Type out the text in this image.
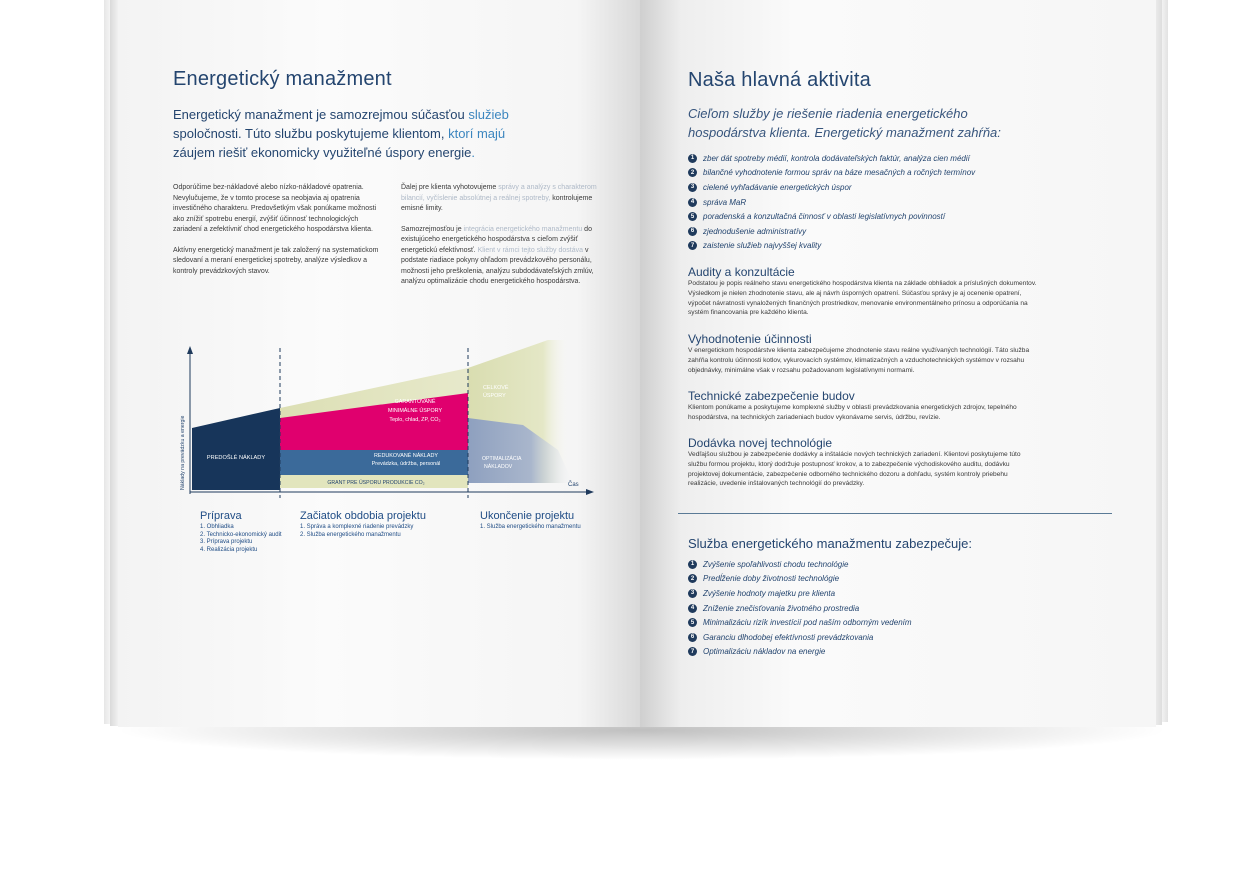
Energetický manažment
Energetický manažment je samozrejmou súčasťou služieb
spoločnosti. Túto službu poskytujeme klientom, ktorí majú
záujem riešiť ekonomicky využiteľné úspory energie.
Odporúčime bez-nákladové alebo nízko-nákladové opatrenia. Nevylučujeme, že v tomto procese sa neobjavia aj opatrenia investičného charakteru. Predovšetkým však ponúkame možnosti ako znížiť spotrebu energií, zvýšiť účinnosť technologických zariadení a zefektívniť chod energetického hospodárstva klienta.
Aktívny energetický manažment je tak založený na systematickom sledovaní a meraní energetickej spotreby, analýze výsledkov a kontroly prevádzkových stavov.
Ďalej pre klienta vyhotovujeme správy a analýzy s charakterom bilancií, vyčíslenie absolútnej a reálnej spotreby, kontrolujeme emisné limity.
Samozrejmosťou je integrácia energetického manažmentu do existujúceho energetického hospodárstva s cieľom zvýšiť energetickú efektívnosť. Klient v rámci tejto služby dostáva v podstate riadiace pokyny ohľadom prevádzkového personálu, možnosti jeho preškolenia, analýzu subdodávateľských zmlúv, analýzu optimalizácie chodu energetického hospodárstva.
Náklady na prevádzku a energie	Čas
PREDOŠLÉ NÁKLADY
GARANTOVANÉ
MINIMÁLNE ÚSPORY
Teplo, chlad, ZP, CO₂
REDUKOVANÉ NÁKLADY
Prevádzka, údržba, personál
GRANT PRE ÚSPORU PRODUKCIE CO₂
CELKOVÉ
ÚSPORY
OPTIMALIZÁCIA
NÁKLADOV
Príprava
1. Obhliadka
2. Technicko-ekonomický audit
3. Príprava projektu
4. Realizácia projektu
Začiatok obdobia projektu
1. Správa a komplexné riadenie prevádzky
2. Služba energetického manažmentu
Ukončenie projektu
1. Služba energetického manažmentu
Naša hlavná aktivita
Cieľom služby je riešenie riadenia energetického hospodárstva klienta. Energetický manažment zahŕňa:
1	zber dát spotreby médií, kontrola dodávateľských faktúr, analýza cien médií
2	bilančné vyhodnotenie formou správ na báze mesačných a ročných termínov
3	cielené vyhľadávanie energetických úspor
4	správa MaR
5	poradenská a konzultačná činnosť v oblasti legislatívnych povinností
6	zjednodušenie administratívy
7	zaistenie služieb najvyššej kvality
Audity a konzultácie
Podstatou je popis reálneho stavu energetického hospodárstva klienta na základe obhliadok a príslušných dokumentov. Výsledkom je nielen zhodnotenie stavu, ale aj návrh úsporných opatrení. Súčasťou správy je aj ocenenie opatrení, výpočet návratnosti vynaložených finančných prostriedkov, menovanie environmentálneho prínosu a odporúčania na systém financovania pre každého klienta.
Vyhodnotenie účinnosti
V energetickom hospodárstve klienta zabezpečujeme zhodnotenie stavu reálne využívaných technológií. Táto služba zahŕňa kontrolu účinnosti kotlov, vykurovacích systémov, klimatizačných a vzduchotechnických systémov v rozsahu objednávky, minimálne však v rozsahu požadovanom legislatívnymi normami.
Technické zabezpečenie budov
Klientom ponúkame a poskytujeme komplexné služby v oblasti prevádzkovania energetických zdrojov, tepelného hospodárstva, na technických zariadeniach budov vykonávame servis, údržbu, revízie.
Dodávka novej technológie
Vedľajšou službou je zabezpečenie dodávky a inštalácie nových technických zariadení. Klientovi poskytujeme túto službu formou projektu, ktorý dodržuje postupnosť krokov, a to zabezpečenie východiskového auditu, dodávku projektovej dokumentácie, zabezpečenie odborného technického dozoru a dohľadu, systém kontroly priebehu realizácie, uvedenie inštalovaných technológií do prevádzky.
Služba energetického manažmentu zabezpečuje:
1	Zvýšenie spoľahlivosti chodu technológie
2	Predĺženie doby životnosti technológie
3	Zvýšenie hodnoty majetku pre klienta
4	Zníženie znečisťovania životného prostredia
5	Minimalizáciu rizík investícií pod naším odborným vedením
6	Garanciu dlhodobej efektívnosti prevádzkovania
7	Optimalizáciu nákladov na energie
